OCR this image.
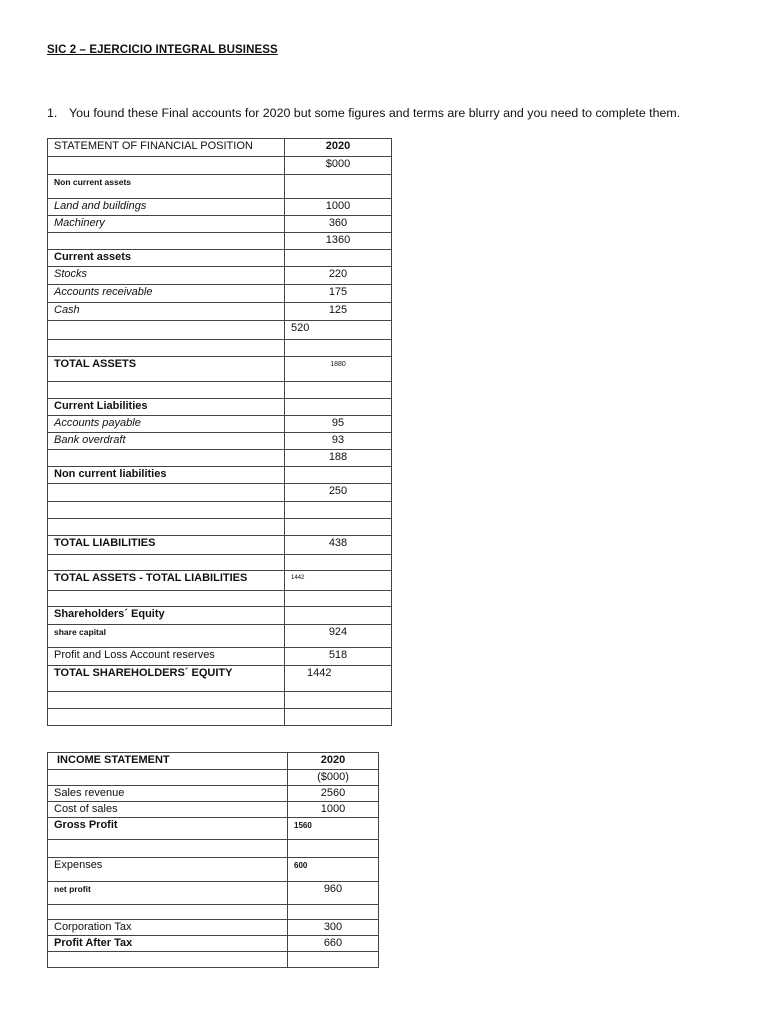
SIC 2 – EJERCICIO INTEGRAL BUSINESS
1. You found these Final accounts for 2020 but some figures and terms are blurry and you need to complete them.
STATEMENT OF FINANCIAL POSITION	2020
	$000
Non current assets	
Land and buildings	1000
Machinery	360
	1360
Current assets	
Stocks	220
Accounts receivable	175
Cash	125
	520

TOTAL ASSETS	1880

Current Liabilities	
Accounts payable	95
Bank overdraft	93
	188
Non current liabilities	
	250

TOTAL LIABILITIES	438

TOTAL ASSETS - TOTAL LIABILITIES	1442

Shareholders´ Equity	
share capital	924
Profit and Loss Account reserves	518
TOTAL SHAREHOLDERS´ EQUITY	1442

INCOME STATEMENT	2020
	($000)
Sales revenue	2560
Cost of sales	1000
Gross Profit	1560

Expenses	600
net profit	960

Corporation Tax	300
Profit After Tax	660
